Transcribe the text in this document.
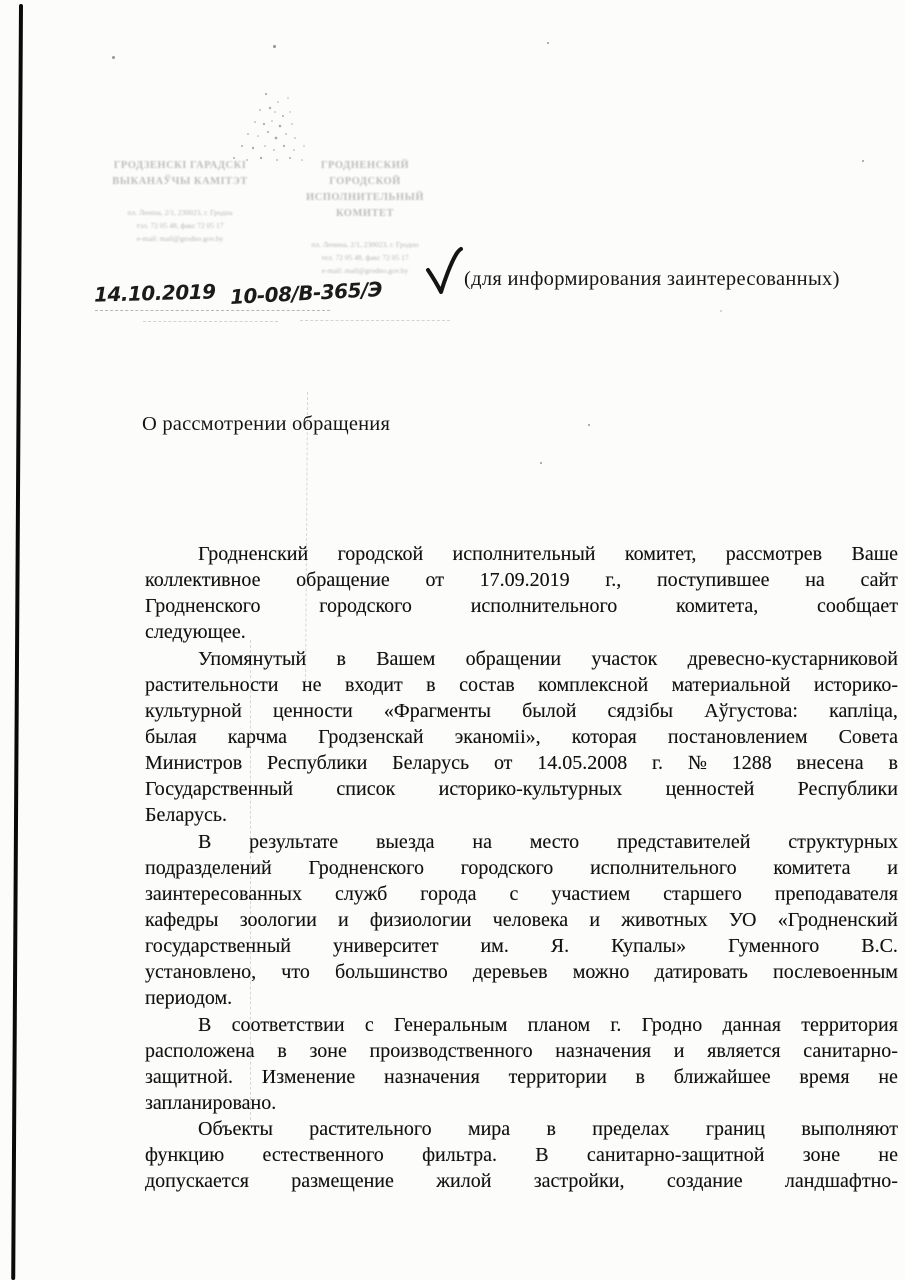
ГРОДЗЕНСКІ ГАРАДСКІ
ВЫКАНАЎЧЫ КАМІТЭТ
пл. Леніна, 2/1, 230023, г. Гродна
тэл. 72 05 48, факс 72 05 17
e-mail: mail@grodno.gov.by
ГРОДНЕНСКИЙ ГОРОДСКОЙ
ИСПОЛНИТЕЛЬНЫЙ КОМИТЕТ
пл. Ленина, 2/1, 230023, г. Гродно
тел. 72 05 48, факс 72 05 17
e-mail: mail@grodno.gov.by
14.10.2019 10-08/В-365/Э	(для информирования заинтересованных)
О рассмотрении обращения
Гродненский городской исполнительный комитет, рассмотрев Ваше
коллективное обращение от 17.09.2019 г., поступившее на сайт
Гродненского	городского	исполнительного	комитета,	сообщает
следующее.
Упомянутый в Вашем обращении участок древесно-кустарниковой
растительности не входит в состав комплексной материальной историко-
культурной ценности «Фрагменты былой сядзібы Аўгустова: капліца,
былая карчма Гродзенскай эканоміі», которая постановлением Совета
Министров Республики Беларусь от 14.05.2008 г. № 1288 внесена в
Государственный список историко-культурных ценностей Республики
Беларусь.
В результате выезда на место представителей структурных
подразделений Гродненского городского исполнительного комитета и
заинтересованных служб города с участием старшего преподавателя
кафедры зоологии и физиологии человека и животных УО «Гродненский
государственный университет им. Я. Купалы» Гуменного В.С.
установлено, что большинство деревьев можно датировать послевоенным
периодом.
В соответствии с Генеральным планом г. Гродно данная территория
расположена в зоне производственного назначения и является санитарно-
защитной. Изменение назначения территории в ближайшее время не
запланировано.
Объекты растительного мира в пределах границ выполняют
функцию естественного фильтра. В санитарно-защитной зоне не
допускается размещение жилой застройки, создание ландшафтно-
